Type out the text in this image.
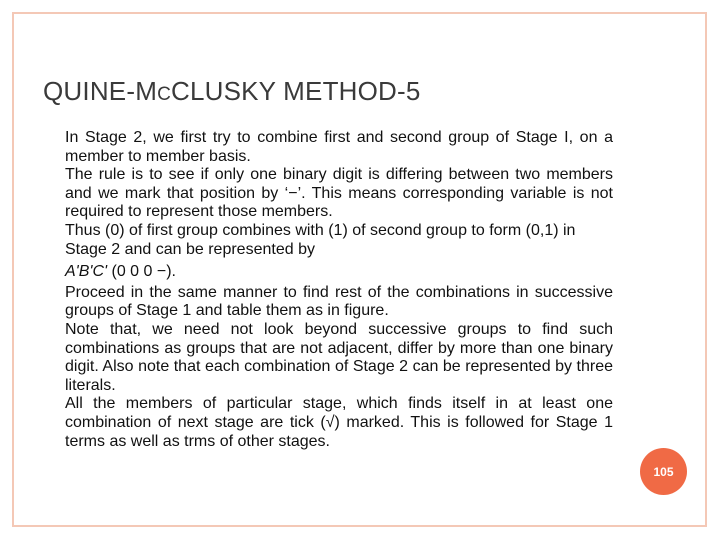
QUINE-MCCLUSKY METHOD-5
In Stage 2, we first try to combine first and second group of Stage I, on a member to member basis.
The rule is to see if only one binary digit is differing between two members and we mark that position by ‘−’. This means corresponding variable is not required to represent those members.
Thus (0) of first group combines with (1) of second group to form (0,1) in Stage 2 and can be represented by
A'B'C' (0 0 0 −).
Proceed in the same manner to find rest of the combinations in successive groups of Stage 1 and table them as in figure.
Note that, we need not look beyond successive groups to find such combinations as groups that are not adjacent, differ by more than one binary digit. Also note that each combination of Stage 2 can be represented by three literals.
All the members of particular stage, which finds itself in at least one combination of next stage are tick (√) marked. This is followed for Stage 1 terms as well as trms of other stages.
105
